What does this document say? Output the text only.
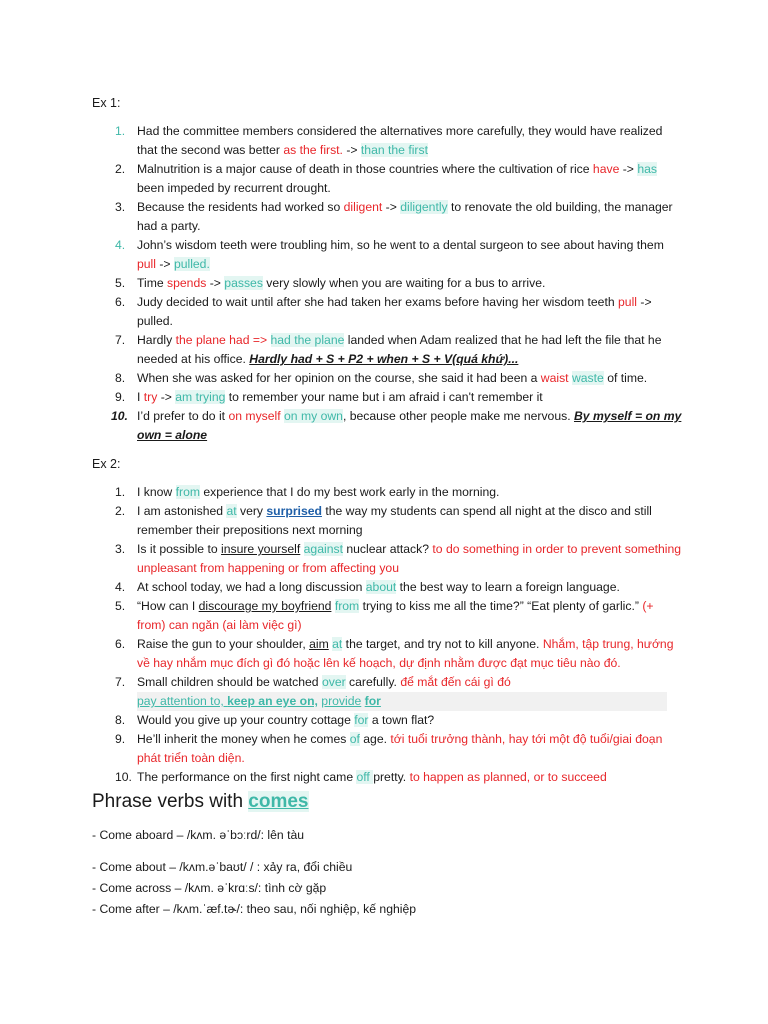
Ex 1:
1. Had the committee members considered the alternatives more carefully, they would have realized that the second was better as the first. -> than the first
2. Malnutrition is a major cause of death in those countries where the cultivation of rice have -> has been impeded by recurrent drought.
3. Because the residents had worked so diligent -> diligently to renovate the old building, the manager had a party.
4. John’s wisdom teeth were troubling him, so he went to a dental surgeon to see about having them pull -> pulled.
5. Time spends -> passes very slowly when you are waiting for a bus to arrive.
6. Judy decided to wait until after she had taken her exams before having her wisdom teeth pull -> pulled.
7. Hardly the plane had => had the plane landed when Adam realized that he had left the file that he needed at his office. Hardly had + S + P2 + when + S + V(quá khứ)...
8. When she was asked for her opinion on the course, she said it had been a waist waste of time.
9. I try -> am trying to remember your name but i am afraid i can't remember it
10. I’d prefer to do it on myself on my own, because other people make me nervous. By myself = on my own = alone
Ex 2:
1. I know from experience that I do my best work early in the morning.
2. I am astonished at very surprised the way my students can spend all night at the disco and still remember their prepositions next morning
3. Is it possible to insure yourself against nuclear attack? to do something in order to prevent something unpleasant from happening or from affecting you
4. At school today, we had a long discussion about the best way to learn a foreign language.
5. “How can I discourage my boyfriend from trying to kiss me all the time?” “Eat plenty of garlic.” (+ from) can ngăn (ai làm việc gì)
6. Raise the gun to your shoulder, aim at the target, and try not to kill anyone. Nhắm, tập trung, hướng về hay nhắm mục đích gì đó hoặc lên kế hoạch, dự định nhằm được đạt mục tiêu nào đó.
7. Small children should be watched over carefully. để mắt đến cái gì đó
pay attention to, keep an eye on, provide for
8. Would you give up your country cottage for a town flat?
9. He’ll inherit the money when he comes of age. tới tuổi trưởng thành, hay tới một độ tuổi/giai đoạn phát triển toàn diện.
10. The performance on the first night came off pretty. to happen as planned, or to succeed
Phrase verbs with comes
- Come aboard – /kʌm. əˈbɔːrd/: lên tàu
- Come about – /kʌm.əˈbaʊt/ / : xảy ra, đổi chiều
- Come across – /kʌm. əˈkrɑːs/: tình cờ gặp
- Come after – /kʌm.ˈæf.tɚ/: theo sau, nối nghiệp, kế nghiệp
